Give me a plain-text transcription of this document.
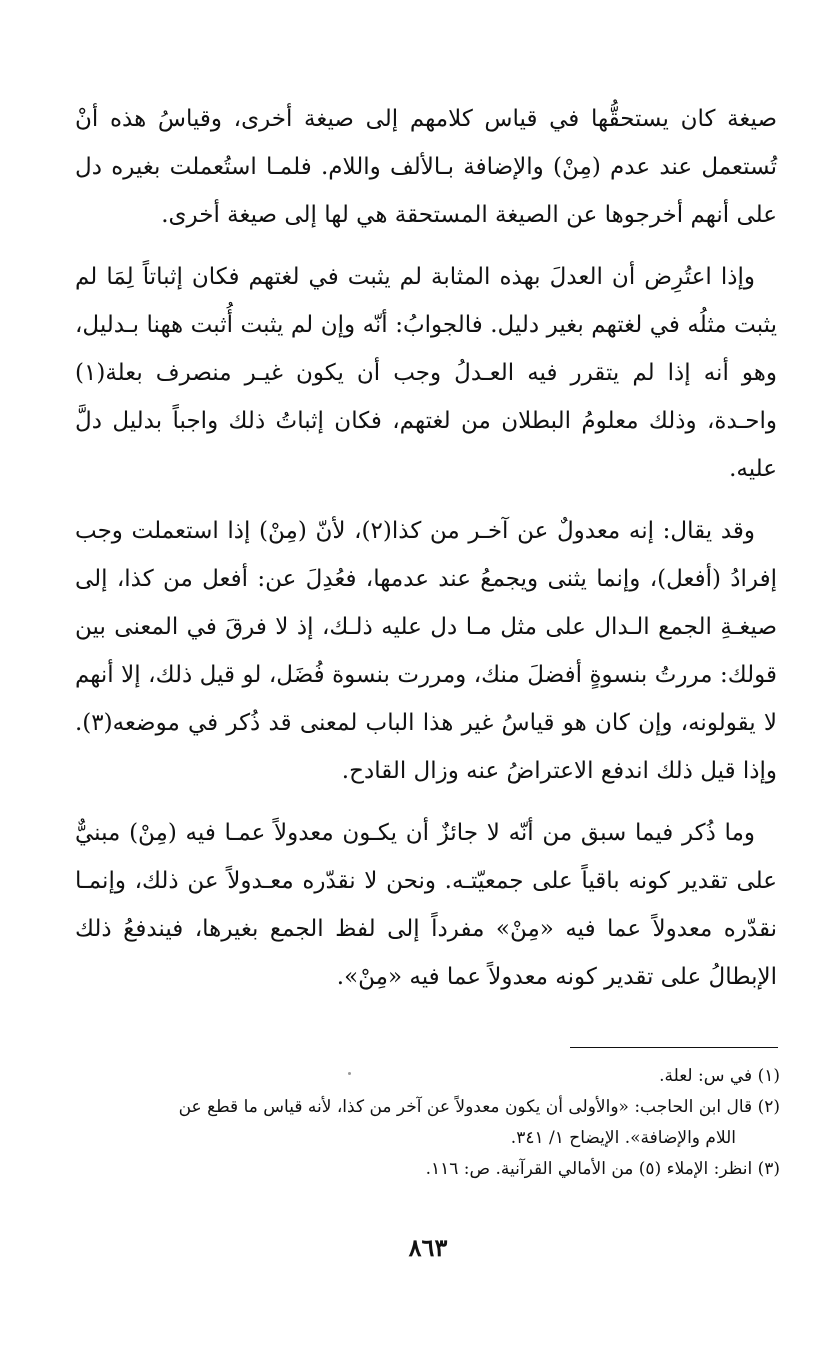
صيغة كان يستحقُّها في قياس كلامهم إلى صيغة أخرى، وقياسُ هذه أنْ تُستعمل عند عدم (مِنْ) والإضافة بـالألف واللام. فلمـا استُعملت بغيره دل على أنهم أخرجوها عن الصيغة المستحقة هي لها إلى صيغة أخرى.

وإذا اعتُرِض أن العدلَ بهذه المثابة لم يثبت في لغتهم فكان إثباتاً لِمَا لم يثبت مثلُه في لغتهم بغير دليل. فالجوابُ: أنّه وإن لم يثبت أُثبت ههنا بـدليل، وهو أنه إذا لم يتقرر فيه العـدلُ وجب أن يكون غيـر منصرف بعلة(١) واحـدة، وذلك معلومُ البطلان من لغتهم، فكان إثباتُ ذلك واجباً بدليل دلَّ عليه.

وقد يقال: إنه معدولٌ عن آخـر من كذا(٢)، لأنّ (مِنْ) إذا استعملت وجب إفرادُ (أفعل)، وإنما يثنى ويجمعُ عند عدمها، فعُدِلَ عن: أفعل من كذا، إلى صيغـةِ الجمع الـدال على مثل مـا دل عليه ذلـك، إذ لا فرقَ في المعنى بين قولك: مررتُ بنسوةٍ أفضلَ منك، ومررت بنسوة فُضَل، لو قيل ذلك، إلا أنهم لا يقولونه، وإن كان هو قياسُ غير هذا الباب لمعنى قد ذُكر في موضعه(٣). وإذا قيل ذلك اندفع الاعتراضُ عنه وزال القادح.

وما ذُكر فيما سبق من أنّه لا جائزٌ أن يكـون معدولاً عمـا فيه (مِنْ) مبنيٌّ على تقدير كونه باقياً على جمعيّتـه. ونحن لا نقدّره معـدولاً عن ذلك، وإنمـا نقدّره معدولاً عما فيه «مِنْ» مفرداً إلى لفظ الجمع بغيرها، فيندفعُ ذلك الإبطالُ على تقدير كونه معدولاً عما فيه «مِنْ».

(١) في س: لعلة.

(٢) قال ابن الحاجب: «والأولى أن يكون معدولاً عن آخر من كذا، لأنه قياس ما قطع عن

اللام والإضافة». الإيضاح ١/ ٣٤١.

(٣) انظر: الإملاء (٥) من الأمالي القرآنية. ص: ١١٦.

٨٦٣
